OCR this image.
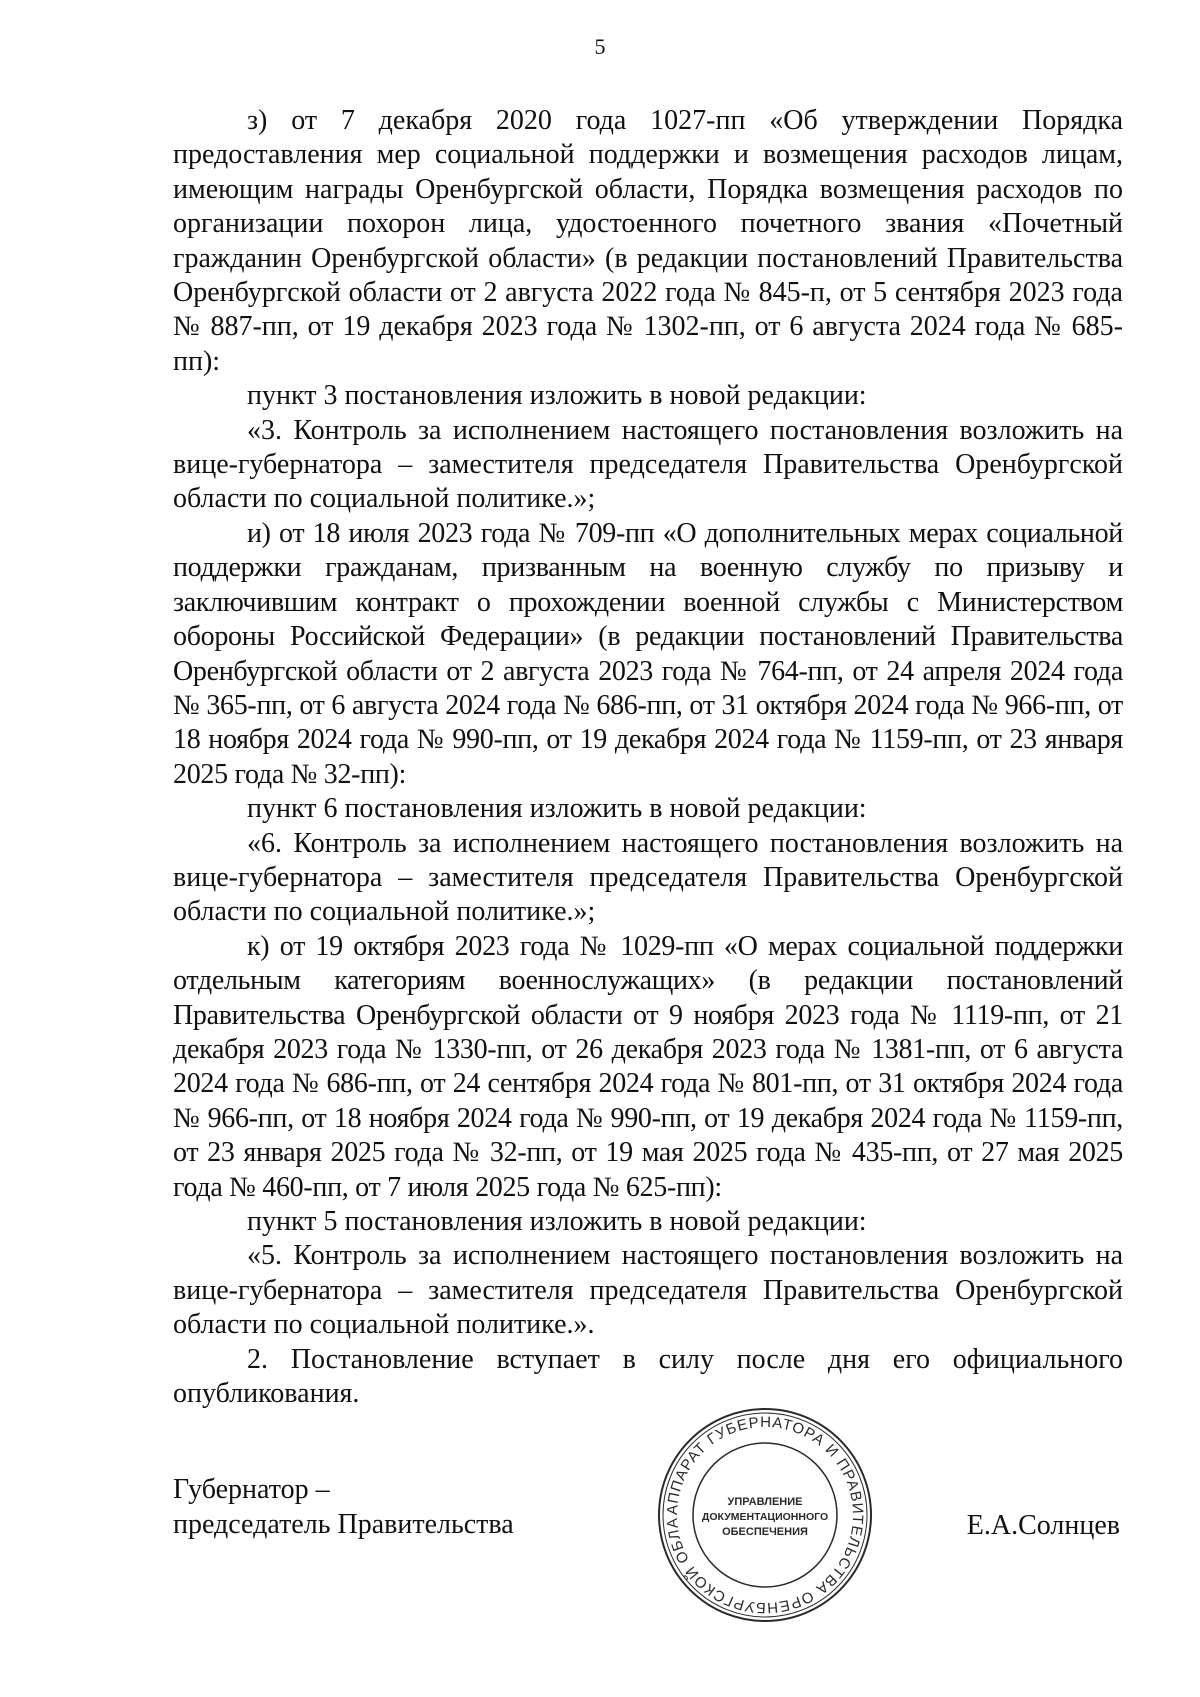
5

з) от 7 декабря 2020 года 1027-пп «Об утверждении Порядка предоставления мер социальной поддержки и возмещения расходов лицам, имеющим награды Оренбургской области, Порядка возмещения расходов по организации похорон лица, удостоенного почетного звания «Почетный гражданин Оренбургской области» (в редакции постановлений Правительства Оренбургской области от 2 августа 2022 года № 845-п, от 5 сентября 2023 года № 887-пп, от 19 декабря 2023 года № 1302-пп, от 6 августа 2024 года № 685-пп):

пункт 3 постановления изложить в новой редакции:

«3. Контроль за исполнением настоящего постановления возложить на вице-губернатора – заместителя председателя Правительства Оренбургской области по социальной политике.»;

и) от 18 июля 2023 года № 709-пп «О дополнительных мерах социальной поддержки гражданам, призванным на военную службу по призыву и заключившим контракт о прохождении военной службы с Министерством обороны Российской Федерации» (в редакции постановлений Правительства Оренбургской области от 2 августа 2023 года № 764-пп, от 24 апреля 2024 года № 365-пп, от 6 августа 2024 года № 686-пп, от 31 октября 2024 года № 966-пп, от 18 ноября 2024 года № 990-пп, от 19 декабря 2024 года № 1159-пп, от 23 января 2025 года № 32-пп):

пункт 6 постановления изложить в новой редакции:

«6. Контроль за исполнением настоящего постановления возложить на вице-губернатора – заместителя председателя Правительства Оренбургской области по социальной политике.»;

к) от 19 октября 2023 года № 1029-пп «О мерах социальной поддержки отдельным категориям военнослужащих» (в редакции постановлений Правительства Оренбургской области от 9 ноября 2023 года № 1119-пп, от 21 декабря 2023 года № 1330-пп, от 26 декабря 2023 года № 1381-пп, от 6 августа 2024 года № 686-пп, от 24 сентября 2024 года № 801-пп, от 31 октября 2024 года № 966-пп, от 18 ноября 2024 года № 990-пп, от 19 декабря 2024 года № 1159-пп, от 23 января 2025 года № 32-пп, от 19 мая 2025 года № 435-пп, от 27 мая 2025 года № 460-пп, от 7 июля 2025 года № 625-пп):

пункт 5 постановления изложить в новой редакции:

«5. Контроль за исполнением настоящего постановления возложить на вице-губернатора – заместителя председателя Правительства Оренбургской области по социальной политике.».

2. Постановление вступает в силу после дня его официального опубликования.

Губернатор –
председатель Правительства	Е.А.Солнцев
АППАРАТ ГУБЕРНАТОРА И ПРАВИТЕЛЬСТВА ОРЕНБУРГСКОЙ ОБЛА
УПРАВЛЕНИЕ
ДОКУМЕНТАЦИОННОГО
ОБЕСПЕЧЕНИЯ
